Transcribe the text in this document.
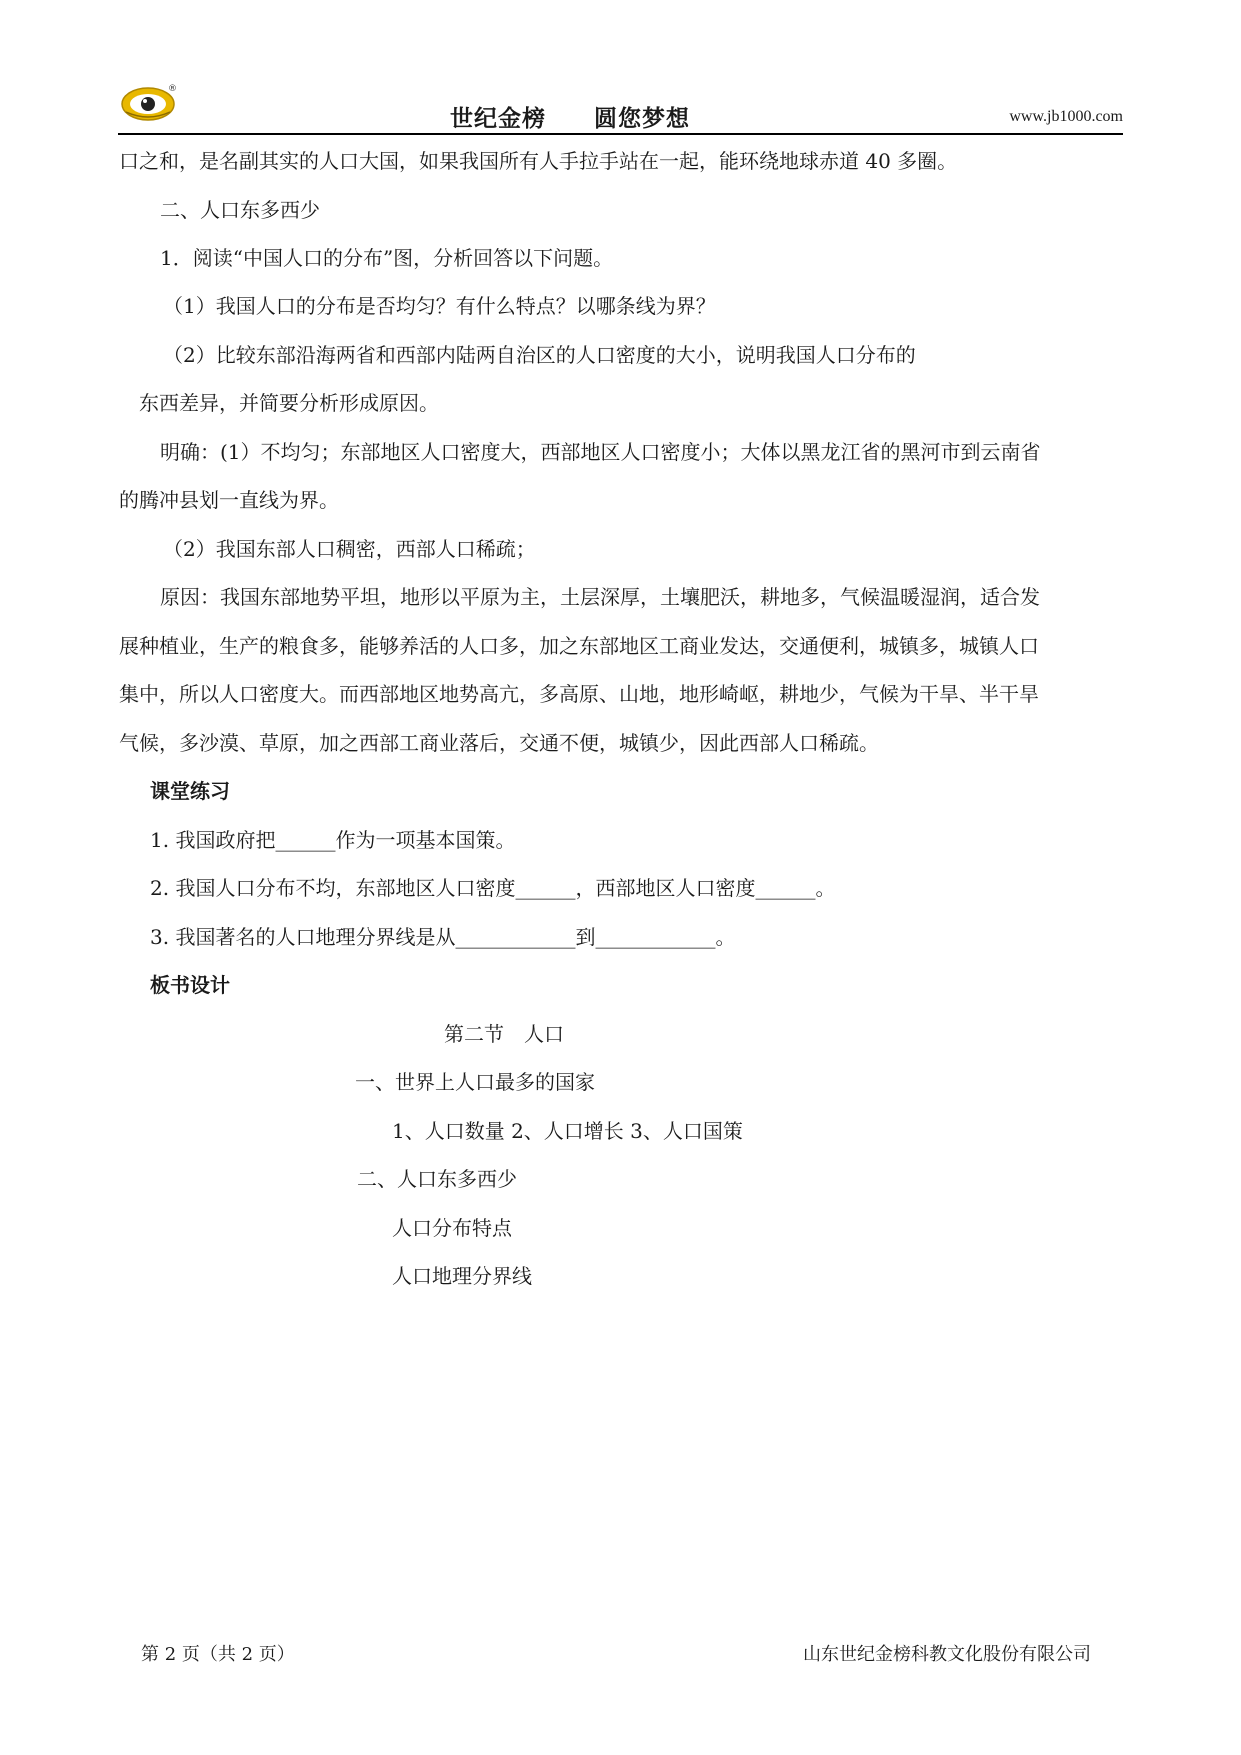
®
世纪金榜　　圆您梦想	www.jb1000.com
口之和，是名副其实的人口大国，如果我国所有人手拉手站在一起，能环绕地球赤道 40 多圈。
二、人口东多西少
1．阅读“中国人口的分布”图，分析回答以下问题。
（1）我国人口的分布是否均匀？有什么特点？以哪条线为界？
（2）比较东部沿海两省和西部内陆两自治区的人口密度的大小，说明我国人口分布的
东西差异，并简要分析形成原因。
明确：(1）不均匀；东部地区人口密度大，西部地区人口密度小；大体以黑龙江省的黑河市到云南省
的腾冲县划一直线为界。
（2）我国东部人口稠密，西部人口稀疏；
原因：我国东部地势平坦，地形以平原为主，土层深厚，土壤肥沃，耕地多，气候温暖湿润，适合发
展种植业，生产的粮食多，能够养活的人口多，加之东部地区工商业发达，交通便利，城镇多，城镇人口
集中，所以人口密度大。而西部地区地势高亢，多高原、山地，地形崎岖，耕地少，气候为干旱、半干旱
气候，多沙漠、草原，加之西部工商业落后，交通不便，城镇少，因此西部人口稀疏。
课堂练习
1. 我国政府把______作为一项基本国策。
2. 我国人口分布不均，东部地区人口密度______，西部地区人口密度______。
3. 我国著名的人口地理分界线是从____________到____________。
板书设计
第二节　人口
一、世界上人口最多的国家
1、人口数量 2、人口增长 3、人口国策
二、人口东多西少
人口分布特点
人口地理分界线
第 2 页（共 2 页）	山东世纪金榜科教文化股份有限公司
